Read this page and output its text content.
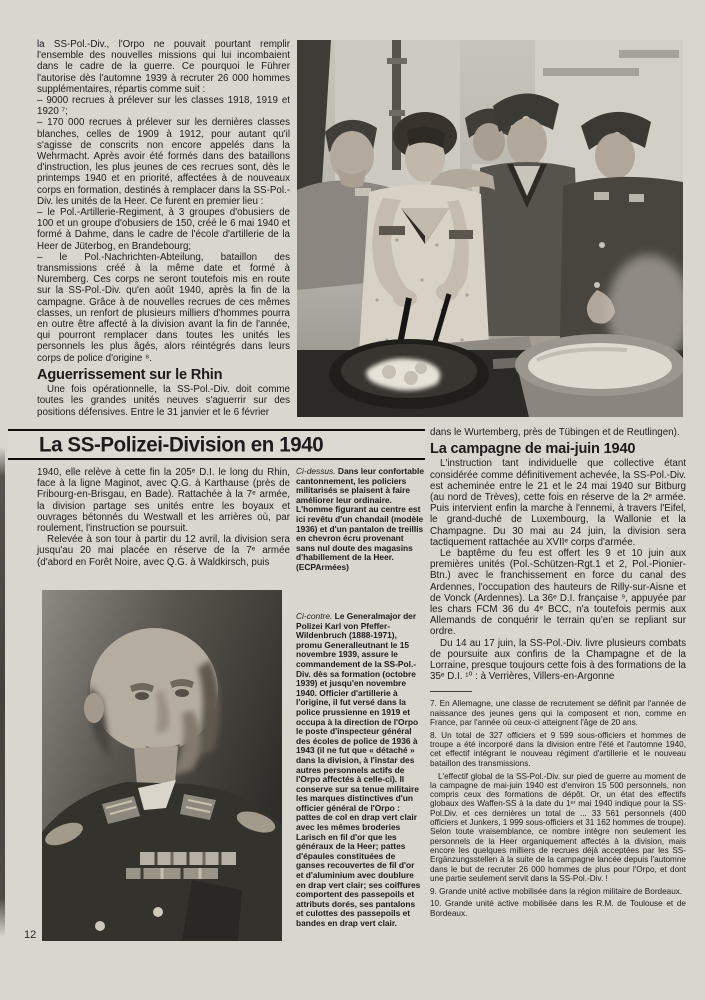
la SS-Pol.-Div., l'Orpo ne pouvait pourtant remplir l'ensemble des nouvelles missions qui lui incombaient dans le cadre de la guerre. Ce pourquoi le Führer l'autorise dès l'automne 1939 à recruter 26 000 hommes supplémentaires, répartis comme suit :

– 9000 recrues à prélever sur les classes 1918, 1919 et 1920 ⁷;

– 170 000 recrues à prélever sur les dernières classes blanches, celles de 1909 à 1912, pour autant qu'il s'agisse de conscrits non encore appelés dans la Wehrmacht. Après avoir été formés dans des bataillons d'instruction, les plus jeunes de ces recrues sont, dès le printemps 1940 et en priorité, affectées à de nouveaux corps en formation, destinés à remplacer dans la SS-Pol.-Div. les unités de la Heer. Ce furent en premier lieu :

– le Pol.-Artillerie-Regiment, à 3 groupes d'obusiers de 100 et un groupe d'obusiers de 150, créé le 6 mai 1940 et formé à Dahme, dans le cadre de l'école d'artillerie de la Heer de Jüterbog, en Brandebourg;

– le Pol.-Nachrichten-Abteilung, bataillon des transmissions créé à la même date et formé à Nuremberg. Ces corps ne seront toutefois mis en route sur la SS-Pol.-Div. qu'en août 1940, après la fin de la campagne. Grâce à de nouvelles recrues de ces mêmes classes, un renfort de plusieurs milliers d'hommes pourra en outre être affecté à la division avant la fin de l'année, qui pourront remplacer dans toutes les unités les personnels les plus âgés, alors réintégrés dans leurs corps de police d'origine ⁸.

Aguerrissement sur le Rhin

Une fois opérationnelle, la SS-Pol.-Div. doit comme toutes les grandes unités neuves s'aguerrir sur des positions défensives. Entre le 31 janvier et le 6 février

La SS-Polizei-Division en 1940

1940, elle relève à cette fin la 205ᵉ D.I. le long du Rhin, face à la ligne Maginot, avec Q.G. à Karthause (près de Fribourg-en-Brisgau, en Bade). Rattachée à la 7ᵉ armée, la division partage ses unités entre les boyaux et ouvrages bétonnés du Westwall et les arrières où, par roulement, l'instruction se poursuit.

Relevée à son tour à partir du 12 avril, la division sera jusqu'au 20 mai placée en réserve de la 7ᵉ armée (d'abord en Forêt Noire, avec Q.G. à Waldkirsch, puis

Ci-dessus. Dans leur confortable cantonnement, les policiers militarisés se plaisent à faire améliorer leur ordinaire. L'homme figurant au centre est ici revêtu d'un chandail (modèle 1936) et d'un pantalon de treillis en chevron écru provenant sans nul doute des magasins d'habillement de la Heer. (ECPArmées)
Ci-contre. Le Generalmajor der Polizei Karl von Pfeffer-Wildenbruch (1888-1971), promu Generalleutnant le 15 novembre 1939, assure le commandement de la SS-Pol.-Div. dès sa formation (octobre 1939) et jusqu'en novembre 1940. Officier d'artillerie à l'origine, il fut versé dans la police prussienne en 1919 et occupa à la direction de l'Orpo le poste d'inspecteur général des écoles de police de 1936 à 1943 (il ne fut que « détaché » dans la division, à l'instar des autres personnels actifs de l'Orpo affectés à celle-ci). Il conserve sur sa tenue militaire les marques distinctives d'un officier général de l'Orpo : pattes de col en drap vert clair avec les mêmes broderies Larisch en fil d'or que les généraux de la Heer; pattes d'épaules constituées de ganses recouvertes de fil d'or et d'aluminium avec doublure en drap vert clair; ses coiffures comportent des passepoils et attributs dorés, ses pantalons et culottes des passepoils et bandes en drap vert clair.

dans le Wurtemberg, près de Tübingen et de Reutlingen).

La campagne de mai-juin 1940

L'instruction tant individuelle que collective étant considérée comme définitivement achevée, la SS-Pol.-Div. est acheminée entre le 21 et le 24 mai 1940 sur Bitburg (au nord de Trèves), cette fois en réserve de la 2ᵉ armée. Puis intervient enfin la marche à l'ennemi, à travers l'Eifel, le grand-duché de Luxembourg, la Wallonie et la Champagne. Du 30 mai au 24 juin, la division sera tactiquement rattachée au XVIIᵉ corps d'armée.

Le baptême du feu est offert les 9 et 10 juin aux premières unités (Pol.-Schützen-Rgt.1 et 2, Pol.-Pionier-Btn.) avec le franchissement en force du canal des Ardennes, l'occupation des hauteurs de Rilly-sur-Aisne et de Vonck (Ardennes). La 36ᵉ D.I. française ⁹, appuyée par les chars FCM 36 du 4ᵉ BCC, n'a toutefois permis aux Allemands de conquérir le terrain qu'en se repliant sur ordre.

Du 14 au 17 juin, la SS-Pol.-Div. livre plusieurs combats de poursuite aux confins de la Champagne et de la Lorraine, presque toujours cette fois à des formations de la 35ᵉ D.I. ¹⁰ : à Verrières, Villers-en-Argonne

7. En Allemagne, une classe de recrutement se définit par l'année de naissance des jeunes gens qui la composent et non, comme en France, par l'année où ceux-ci atteignent l'âge de 20 ans.

8. Un total de 327 officiers et 9 599 sous-officiers et hommes de troupe a été incorporé dans la division entre l'été et l'automne 1940, cet effectif intégrant le nouveau régiment d'artillerie et le nouveau bataillon des transmissions.

L'effectif global de la SS-Pol.-Div. sur pied de guerre au moment de la campagne de mai-juin 1940 est d'environ 15 500 personnels, non compris ceux des formations de dépôt. Or, un état des effectifs globaux des Waffen-SS à la date du 1ᵉʳ mai 1940 indique pour la SS-Pol.Div. et ces dernières un total de ... 33 561 personnels (400 officiers et Junkers, 1 999 sous-officiers et 31 162 hommes de troupe). Selon toute vraisemblance, ce nombre intègre non seulement les personnels de la Heer organiquement affectés à la division, mais encore les quelques milliers de recrues déjà acceptées par les SS-Ergänzungsstellen à la suite de la campagne lancée depuis l'automne dans le but de recruter 26 000 hommes de plus pour l'Orpo, et dont une partie seulement servit dans la SS-Pol.-Div. !

9. Grande unité active mobilisée dans la région militaire de Bordeaux.

10. Grande unité active mobilisée dans les R.M. de Toulouse et de Bordeaux.

12
